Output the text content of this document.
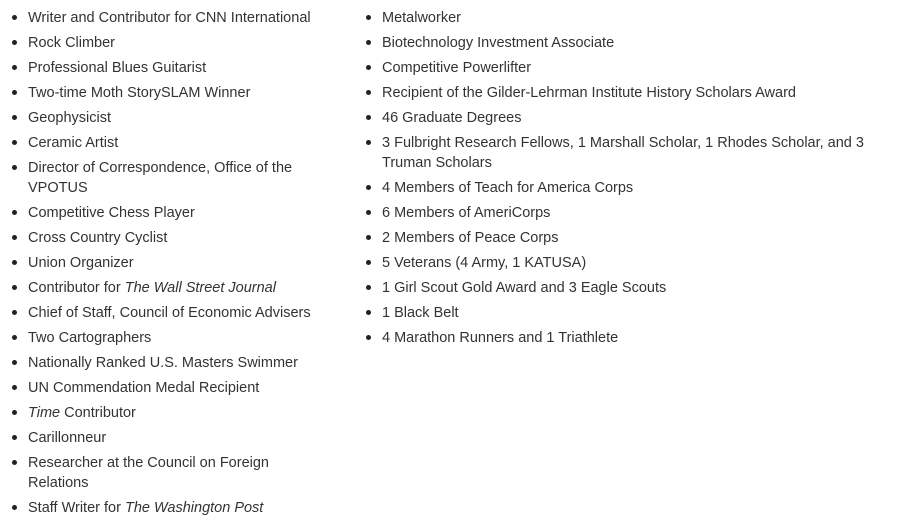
Writer and Contributor for CNN International
Rock Climber
Professional Blues Guitarist
Two-time Moth StorySLAM Winner
Geophysicist
Ceramic Artist
Director of Correspondence, Office of the VPOTUS
Competitive Chess Player
Cross Country Cyclist
Union Organizer
Contributor for The Wall Street Journal
Chief of Staff, Council of Economic Advisers
Two Cartographers
Nationally Ranked U.S. Masters Swimmer
UN Commendation Medal Recipient
Time Contributor
Carillonneur
Researcher at the Council on Foreign Relations
Staff Writer for The Washington Post
Metalworker
Biotechnology Investment Associate
Competitive Powerlifter
Recipient of the Gilder-Lehrman Institute History Scholars Award
46 Graduate Degrees
3 Fulbright Research Fellows, 1 Marshall Scholar, 1 Rhodes Scholar, and 3 Truman Scholars
4 Members of Teach for America Corps
6 Members of AmeriCorps
2 Members of Peace Corps
5 Veterans (4 Army, 1 KATUSA)
1 Girl Scout Gold Award and 3 Eagle Scouts
1 Black Belt
4 Marathon Runners and 1 Triathlete
